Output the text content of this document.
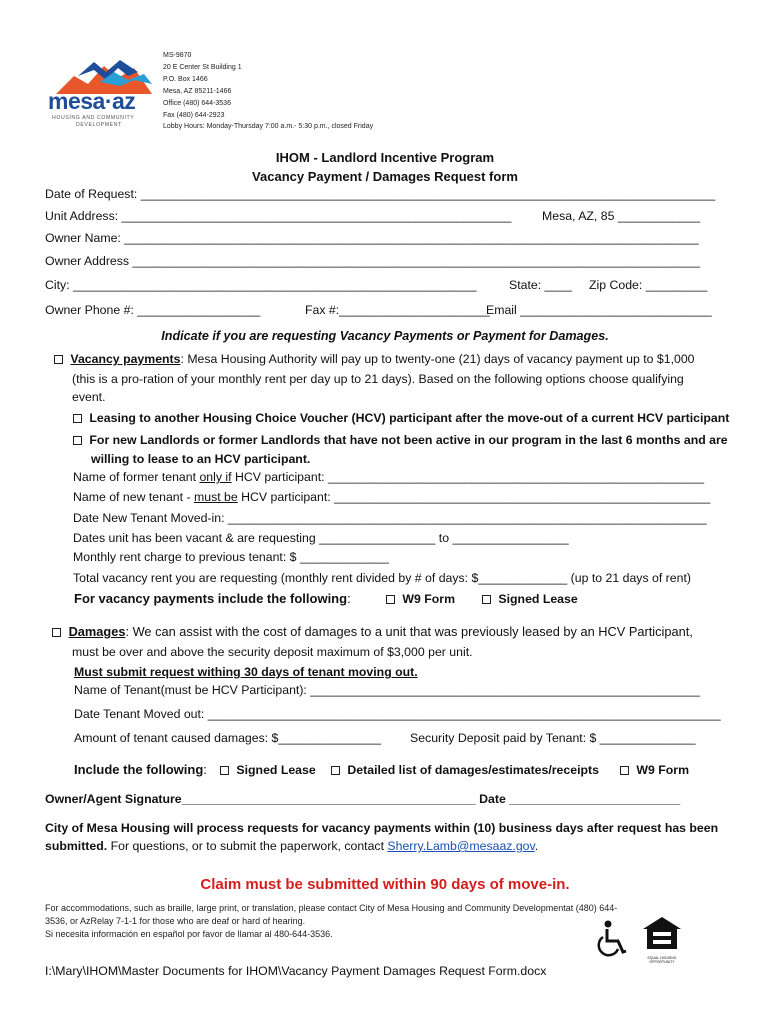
mesa·az
HOUSING AND COMMUNITY
DEVELOPMENT
MS-9870
20 E Center St Building 1
P.O. Box 1466
Mesa, AZ 85211-1466
Office (480) 644-3536
Fax (480) 644-2923
Lobby Hours: Monday-Thursday 7:00 a.m.- 5:30 p.m., closed Friday
IHOM - Landlord Incentive Program
Vacancy Payment / Damages Request form
Date of Request: ____________________________________________________________________________________
Unit Address: _________________________________________________________ Mesa, AZ, 85 ____________
Owner Name: ____________________________________________________________________________________
Owner Address ___________________________________________________________________________________
City: ___________________________________________________________	State: ____ Zip Code: _________
Owner Phone #: __________________	Fax #:______________________
Email ____________________________
Indicate if you are requesting Vacancy Payments or Payment for Damages.
Vacancy payments: Mesa Housing Authority will pay up to twenty-one (21) days of vacancy payment up to $1,000
(this is a pro-ration of your monthly rent per day up to 21 days). Based on the following options choose qualifying
event.
Leasing to another Housing Choice Voucher (HCV) participant after the move-out of a current HCV participant
For new Landlords or former Landlords that have not been active in our program in the last 6 months and are
willing to lease to an HCV participant.
Name of former tenant only if HCV participant: _______________________________________________________
Name of new tenant - must be HCV participant: _______________________________________________________
Date New Tenant Moved-in: ______________________________________________________________________
Dates unit has been vacant & are requesting _________________ to _________________
Monthly rent charge to previous tenant: $ _____________
Total vacancy rent you are requesting (monthly rent divided by # of days: $_____________ (up to 21 days of rent)
For vacancy payments include the following:	W9 Form	Signed Lease
Damages: We can assist with the cost of damages to a unit that was previously leased by an HCV Participant,
must be over and above the security deposit maximum of $3,000 per unit.
Must submit request withing 30 days of tenant moving out.
Name of Tenant(must be HCV Participant): _________________________________________________________
Date Tenant Moved out: ___________________________________________________________________________
Amount of tenant caused damages: $_______________ Security Deposit paid by Tenant: $ ______________
Include the following:	Signed Lease	Detailed list of damages/estimates/receipts	W9 Form
Owner/Agent Signature___________________________________________ Date _________________________
City of Mesa Housing will process requests for vacancy payments within (10) business days after request has been
submitted. For questions, or to submit the paperwork, contact Sherry.Lamb@mesaaz.gov.
Claim must be submitted within 90 days of move-in.
For accommodations, such as braille, large print, or translation, please contact City of Mesa Housing and Community Developmentat (480) 644-
3536, or AzRelay 7-1-1 for those who are deaf or hard of hearing.
Si necesita información en español por favor de llamar al 480-644-3536.
EQUAL HOUSING OPPORTUNITY
I:\Mary\IHOM\Master Documents for IHOM\Vacancy Payment Damages Request Form.docx
